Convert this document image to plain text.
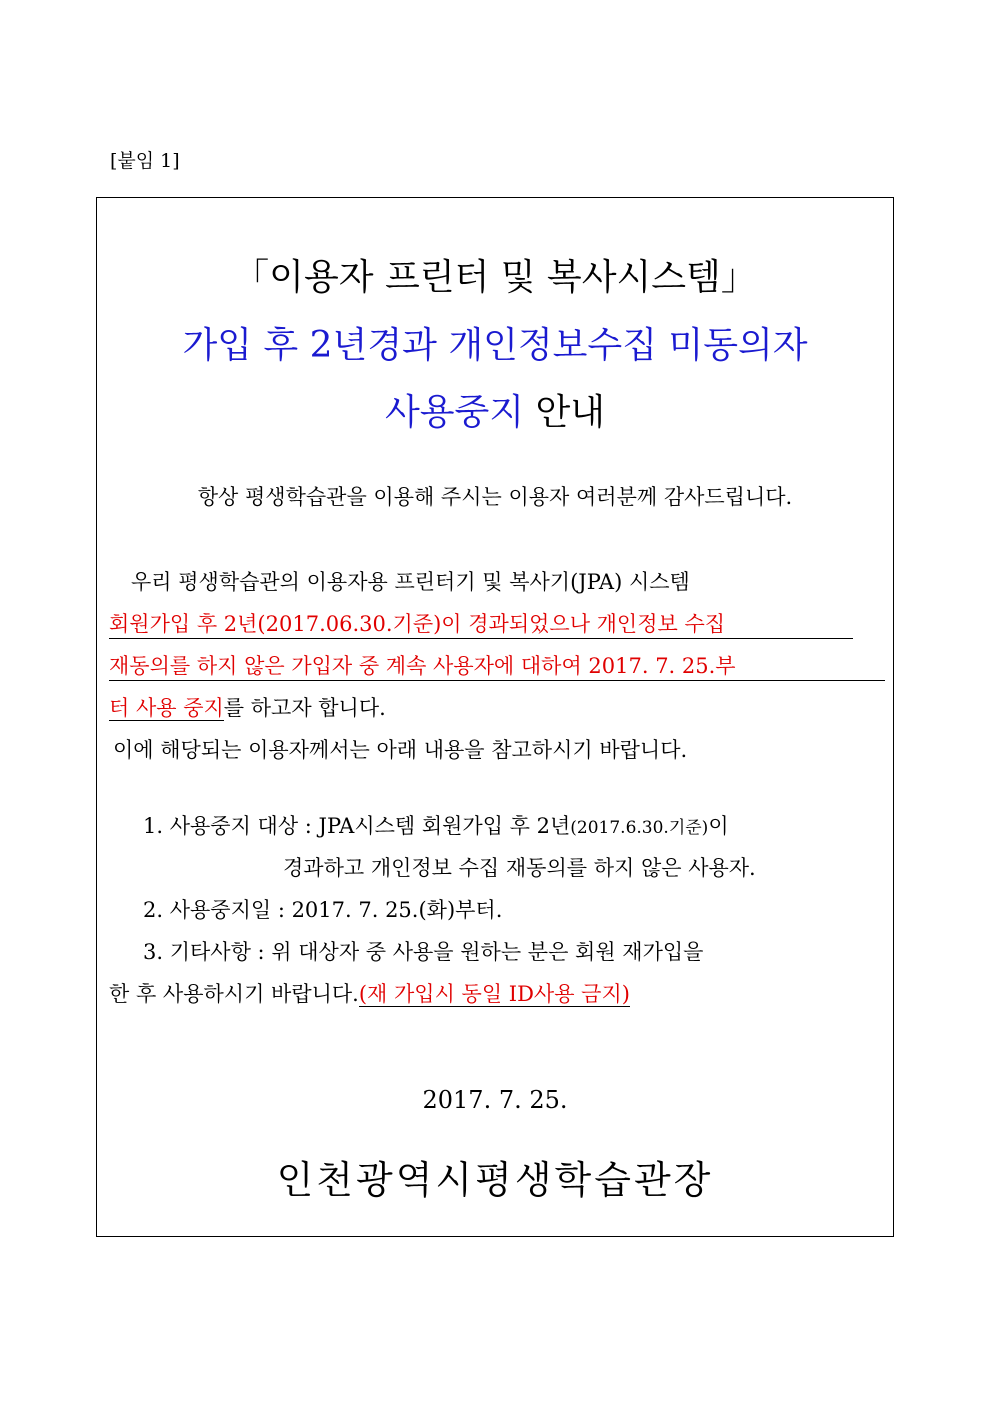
[붙임 1]
「이용자 프린터 및 복사시스템」
가입 후 2년경과 개인정보수집 미동의자
사용중지 안내
항상 평생학습관을 이용해 주시는 이용자 여러분께 감사드립니다.
우리 평생학습관의 이용자용 프린터기 및 복사기(JPA) 시스템
회원가입 후 2년(2017.06.30.기준)이 경과되었으나 개인정보 수집
재동의를 하지 않은 가입자 중 계속 사용자에 대하여 2017. 7. 25.부
터 사용 중지를 하고자 합니다.
이에 해당되는 이용자께서는 아래 내용을 참고하시기 바랍니다.
1. 사용중지 대상 : JPA시스템 회원가입 후 2년(2017.6.30.기준)이
경과하고 개인정보 수집 재동의를 하지 않은 사용자.
2. 사용중지일 : 2017. 7. 25.(화)부터.
3. 기타사항 : 위 대상자 중 사용을 원하는 분은 회원 재가입을
한 후 사용하시기 바랍니다.(재 가입시 동일 ID사용 금지)
2017. 7. 25.
인천광역시평생학습관장
